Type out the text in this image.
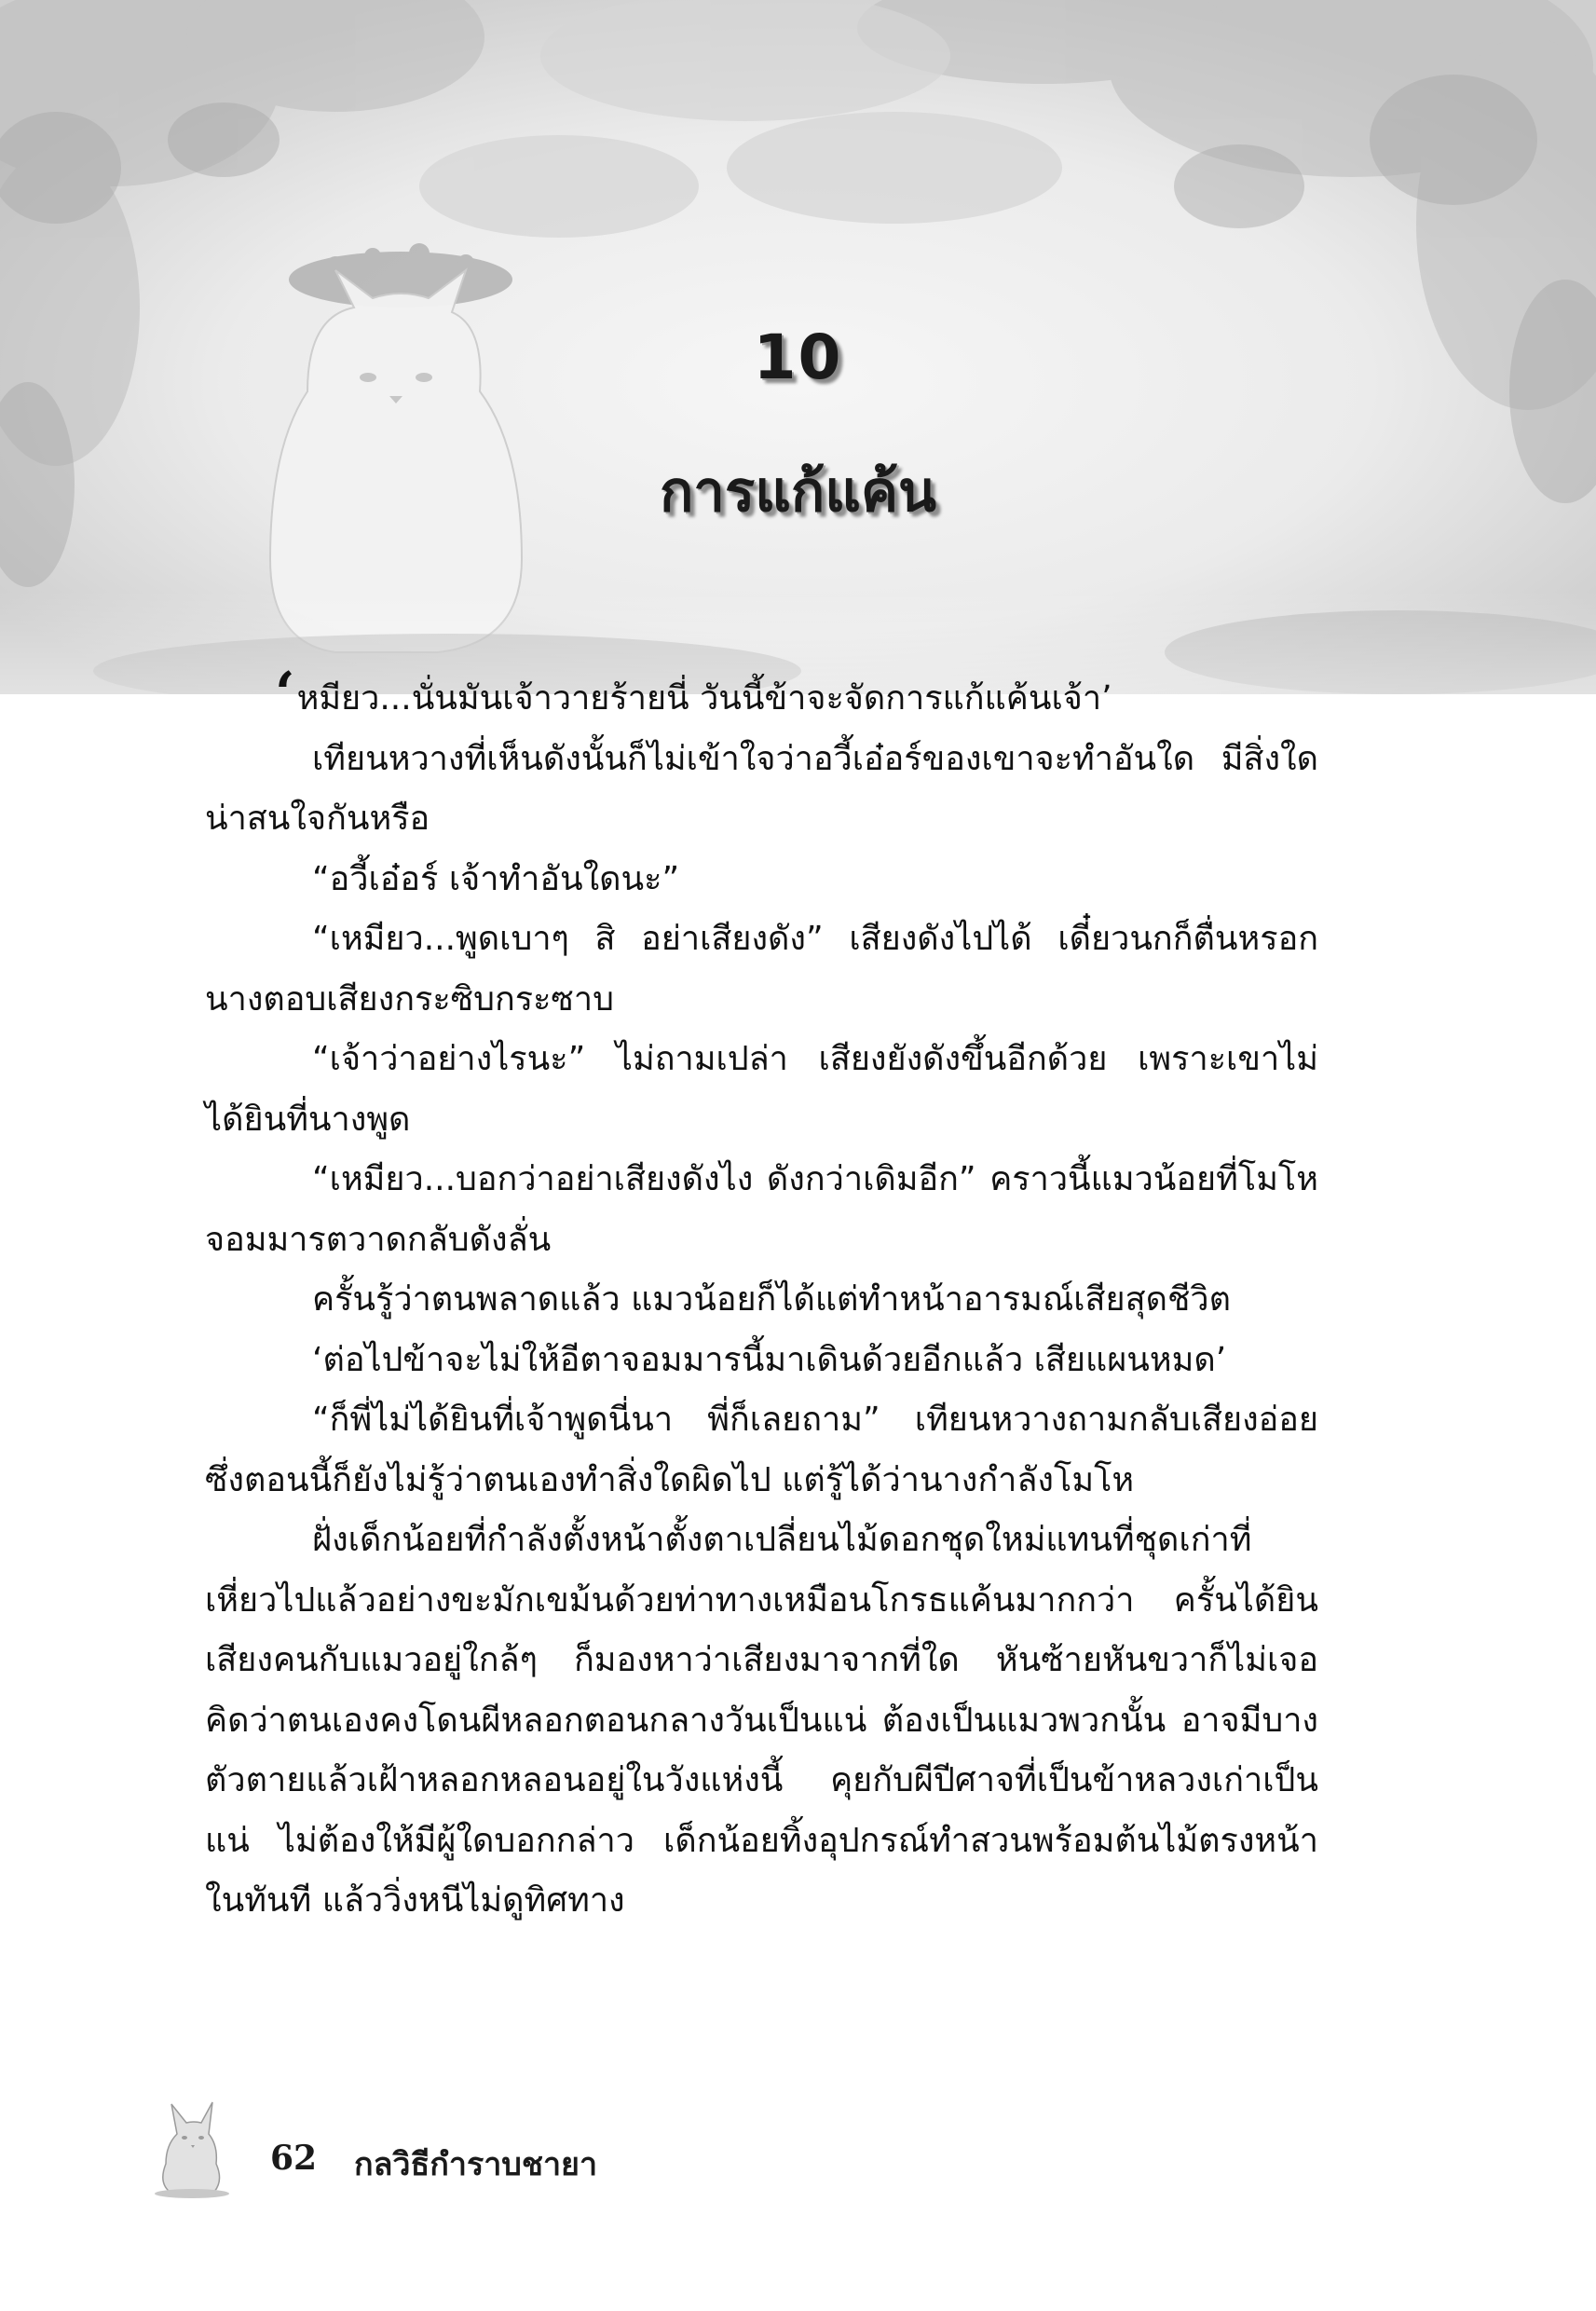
10
การแก้แค้น

‘หมียว...นั่นมันเจ้าวายร้ายนี่ วันนี้ข้าจะจัดการแก้แค้นเจ้า’

เทียนหวางที่เห็นดังนั้นก็ไม่เข้าใจว่าอวี้เอ๋อร์ของเขาจะทำอันใด มีสิ่งใดน่าสนใจกันหรือ

“อวี้เอ๋อร์ เจ้าทำอันใดนะ”

“เหมียว...พูดเบาๆ สิ อย่าเสียงดัง” เสียงดังไปได้ เดี๋ยวนกก็ตื่นหรอก นางตอบเสียงกระซิบกระซาบ

“เจ้าว่าอย่างไรนะ” ไม่ถามเปล่า เสียงยังดังขึ้นอีกด้วย เพราะเขาไม่ได้ยินที่นางพูด

“เหมียว...บอกว่าอย่าเสียงดังไง ดังกว่าเดิมอีก” คราวนี้แมวน้อยที่โมโหจอมมารตวาดกลับดังลั่น

ครั้นรู้ว่าตนพลาดแล้ว แมวน้อยก็ได้แต่ทำหน้าอารมณ์เสียสุดชีวิต

‘ต่อไปข้าจะไม่ให้อีตาจอมมารนี้มาเดินด้วยอีกแล้ว เสียแผนหมด’

“ก็พี่ไม่ได้ยินที่เจ้าพูดนี่นา พี่ก็เลยถาม” เทียนหวางถามกลับเสียงอ่อย ซึ่งตอนนี้ก็ยังไม่รู้ว่าตนเองทำสิ่งใดผิดไป แต่รู้ได้ว่านางกำลังโมโห

ฝั่งเด็กน้อยที่กำลังตั้งหน้าตั้งตาเปลี่ยนไม้ดอกชุดใหม่แทนที่ชุดเก่าที่เหี่ยวไปแล้วอย่างขะมักเขม้นด้วยท่าทางเหมือนโกรธแค้นมากกว่า ครั้นได้ยินเสียงคนกับแมวอยู่ใกล้ๆ ก็มองหาว่าเสียงมาจากที่ใด หันซ้ายหันขวาก็ไม่เจอ คิดว่าตนเองคงโดนผีหลอกตอนกลางวันเป็นแน่ ต้องเป็นแมวพวกนั้น อาจมีบางตัวตายแล้วเฝ้าหลอกหลอนอยู่ในวังแห่งนี้ คุยกับผีปีศาจที่เป็นข้าหลวงเก่าเป็นแน่ ไม่ต้องให้มีผู้ใดบอกกล่าว เด็กน้อยทิ้งอุปกรณ์ทำสวนพร้อมต้นไม้ตรงหน้าในทันที แล้ววิ่งหนีไม่ดูทิศทาง

62 กลวิธีกำราบชายา
